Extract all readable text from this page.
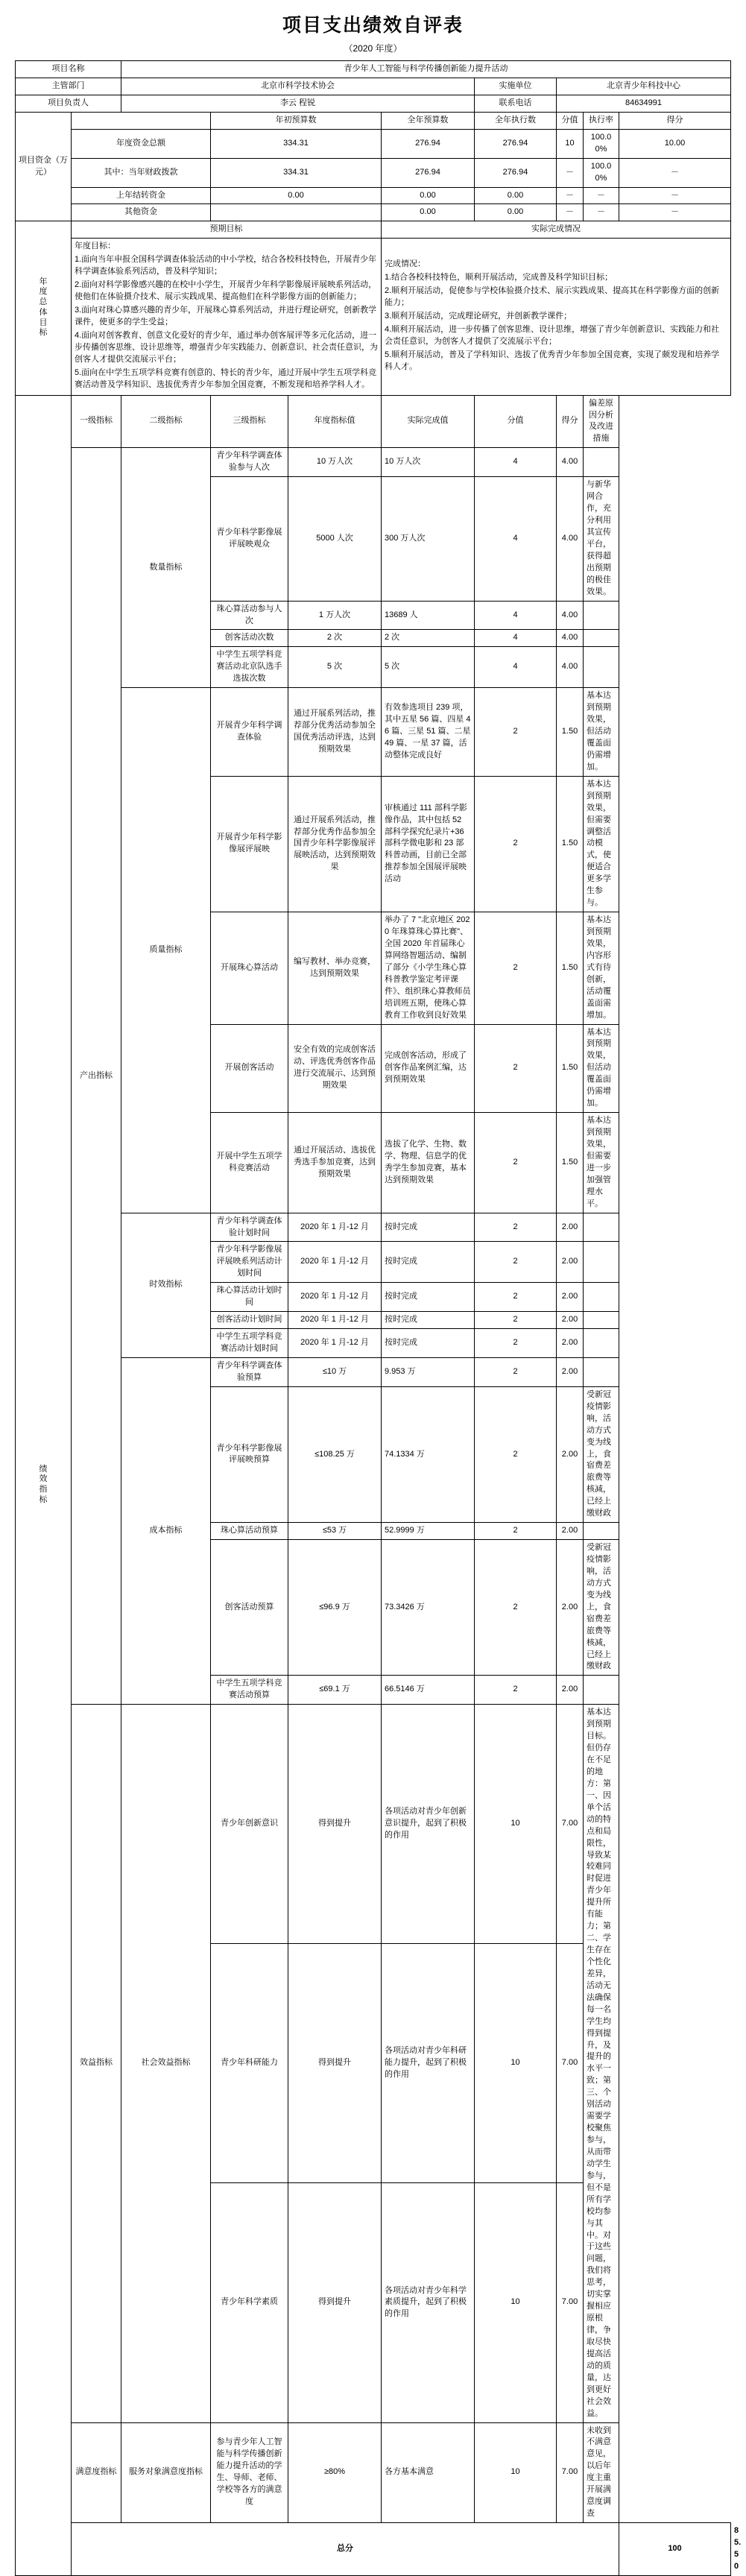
项目支出绩效自评表
（2020 年度）
项目名称		青少年人工智能与科学传播创新能力提升活动								
主管部门		北京市科学技术协会				实施单位	北京青少年科技中心			
项目负责人		李云 程锐				联系电话	84634991			
项目资金（万元）			年初预算数		全年预算数	全年执行数	分值	执行率	得分	
	年度资金总额		334.31		276.94	276.94	10	100.00%	10.00	
	其中：当年财政拨款		334.31		276.94	276.94	－	100.00%	－	
	上年结转资金		0.00		0.00	0.00	－	－	－	
	其他资金				0.00	0.00	－	－	－	
年度总体目标	预期目标				实际完成情况					

年度目标：

1.面向当年申报全国科学调查体验活动的中小学校，结合各校科技特色，开展青少年科学调查体验系列活动，普及科学知识；

2.面向对科学影像感兴趣的在校中小学生，开展青少年科学影像展评展映系列活动，使他们在体验摄介技术、展示实践成果、提高他们在科学影像方面的创新能力；

3.面向对珠心算感兴趣的青少年，开展珠心算系列活动，并进行理论研究，创新教学课件，使更多的学生受益；

4.面向对创客教育、创意文化爱好的青少年，通过举办创客展评等多元化活动，进一步传播创客思维、设计思维等，增强青少年实践能力、创新意识、社会责任意识，为创客人才提供交流展示平台；

5.面向在中学生五项学科竞赛有创意的、特长的青少年，通过开展中学生五项学科竞赛活动普及学科知识、选拔优秀青少年参加全国竞赛，不断发现和培养学科人才。

完成情况：

1.结合各校科技特色，顺利开展活动，完成普及科学知识目标；

2.顺利开展活动，促使参与学校体验摄介技术、展示实践成果、提高其在科学影像方面的创新能力；

3.顺利开展活动，完成理论研究，并创新教学课件；

4.顺利开展活动，进一步传播了创客思维、设计思维，增强了青少年创新意识、实践能力和社会责任意识，为创客人才提供了交流展示平台；

5.顺利开展活动，普及了学科知识、选拔了优秀青少年参加全国竞赛，实现了颇发现和培养学科人才。

绩效指标	一级指标	二级指标	三级指标	年度指标值	实际完成值	分值	得分	偏差原因分析及改进措施		
	产出指标	数量指标	青少年科学调查体验参与人次	10 万人次	10 万人次	4	4.00			
			青少年科学影像展评展映观众	5000 人次	300 万人次	4	4.00	与新华网合作，充分利用其宣传平台，获得超出预期的极佳效果。		
			珠心算活动参与人次	1 万人次	13689 人	4	4.00			
			创客活动次数	2 次	2 次	4	4.00			
			中学生五项学科竞赛活动北京队选手选拔次数	5 次	5 次	4	4.00			
		质量指标	开展青少年科学调查体验	通过开展系列活动，推荐部分优秀活动参加全国优秀活动评选，达到预期效果	有效参选项目 239 项，其中五星 56 篇、四星 46 篇、三星 51 篇、二星 49 篇、一星 37 篇，活动整体完成良好	2	1.50	基本达到预期效果，但活动覆盖面仍需增加。		
			开展青少年科学影像展评展映	通过开展系列活动，推荐部分优秀作品参加全国青少年科学影像展评展映活动，达到预期效果	审核通过 111 部科学影像作品，其中包括 52 部科学探究纪录片+36 部科学微电影和 23 部科普动画，目前已全部推荐参加全国展评展映活动	2	1.50	基本达到预期效果，但需要调整活动模式，使便适合更多学生参与。		
			开展珠心算活动	编写教材、举办竞赛，达到预期效果	举办了 7 "北京地区 2020 年珠算珠心算比赛"、全国 2020 年首届珠心算网络智题活动、编制了部分《小学生珠心算科普教学鉴定考评课件》、组织珠心算教师员培训班五期，使珠心算教育工作收到良好效果	2	1.50	基本达到预期效果，内容形式有待创新，活动覆盖面需增加。		
			开展创客活动	安全有效的完成创客活动、评选优秀创客作品进行交流展示、达到预期效果	完成创客活动，形成了创客作品案例汇编，达到预期效果	2	1.50	基本达到预期效果，但活动覆盖面仍需增加。		
			开展中学生五项学科竞赛活动	通过开展活动、选拔优秀选手参加竞赛，达到预期效果	选拔了化学、生物、数学、物理、信息学的优秀学生参加竞赛，基本达到预期效果	2	1.50	基本达到预期效果，但需要进一步加强管理水平。		
		时效指标	青少年科学调查体验计划时间	2020 年 1 月-12 月	按时完成	2	2.00			
			青少年科学影像展评展映系列活动计划时间	2020 年 1 月-12 月	按时完成	2	2.00			
			珠心算活动计划时间	2020 年 1 月-12 月	按时完成	2	2.00			
			创客活动计划时间	2020 年 1 月-12 月	按时完成	2	2.00			
			中学生五项学科竞赛活动计划时间	2020 年 1 月-12 月	按时完成	2	2.00			
		成本指标	青少年科学调查体验预算	≤10 万	9.953 万	2	2.00			
			青少年科学影像展评展映预算	≤108.25 万	74.1334 万	2	2.00	受新冠疫情影响，活动方式变为线上，食宿费差旅费等核减，已经上缴财政		
			珠心算活动预算	≤53 万	52.9999 万	2	2.00			
			创客活动预算	≤96.9 万	73.3426 万	2	2.00	受新冠疫情影响，活动方式变为线上，食宿费差旅费等核减，已经上缴财政		
			中学生五项学科竞赛活动预算	≤69.1 万	66.5146 万	2	2.00			
	效益指标	社会效益指标	青少年创新意识	得到提升	各项活动对青少年创新意识提升，起到了积极的作用	10	7.00	基本达到预期目标。但仍存在不足的地方：第一、因单个活动的特点和局限性，导致某较难同时促进青少年提升所有能力；第二、学生存在个性化差异，活动无法确保每一名学生均得到提升，及提升的水平一致；第三、个别活动需要学校聚焦参与，从而带动学生参与，但不是所有学校均参与其中。对于这些问题，我们将思考，切实掌握相应原根律，争取尽快提高活动的质量，达到更好社会效益。		
			青少年科研能力	得到提升	各项活动对青少年科研能力提升，起到了积极的作用	10	7.00			
			青少年科学素质	得到提升	各项活动对青少年科学素质提升，起到了积极的作用	10	7.00			
	满意度指标	服务对象满意度指标	参与青少年人工智能与科学传播创新能力提升活动的学生、导师、老师、学校等各方的满意度	≥80%	各方基本满意	10	7.00	未收到不满意意见，以后年度主重开展满意度调查		
	总分								100	85.50
